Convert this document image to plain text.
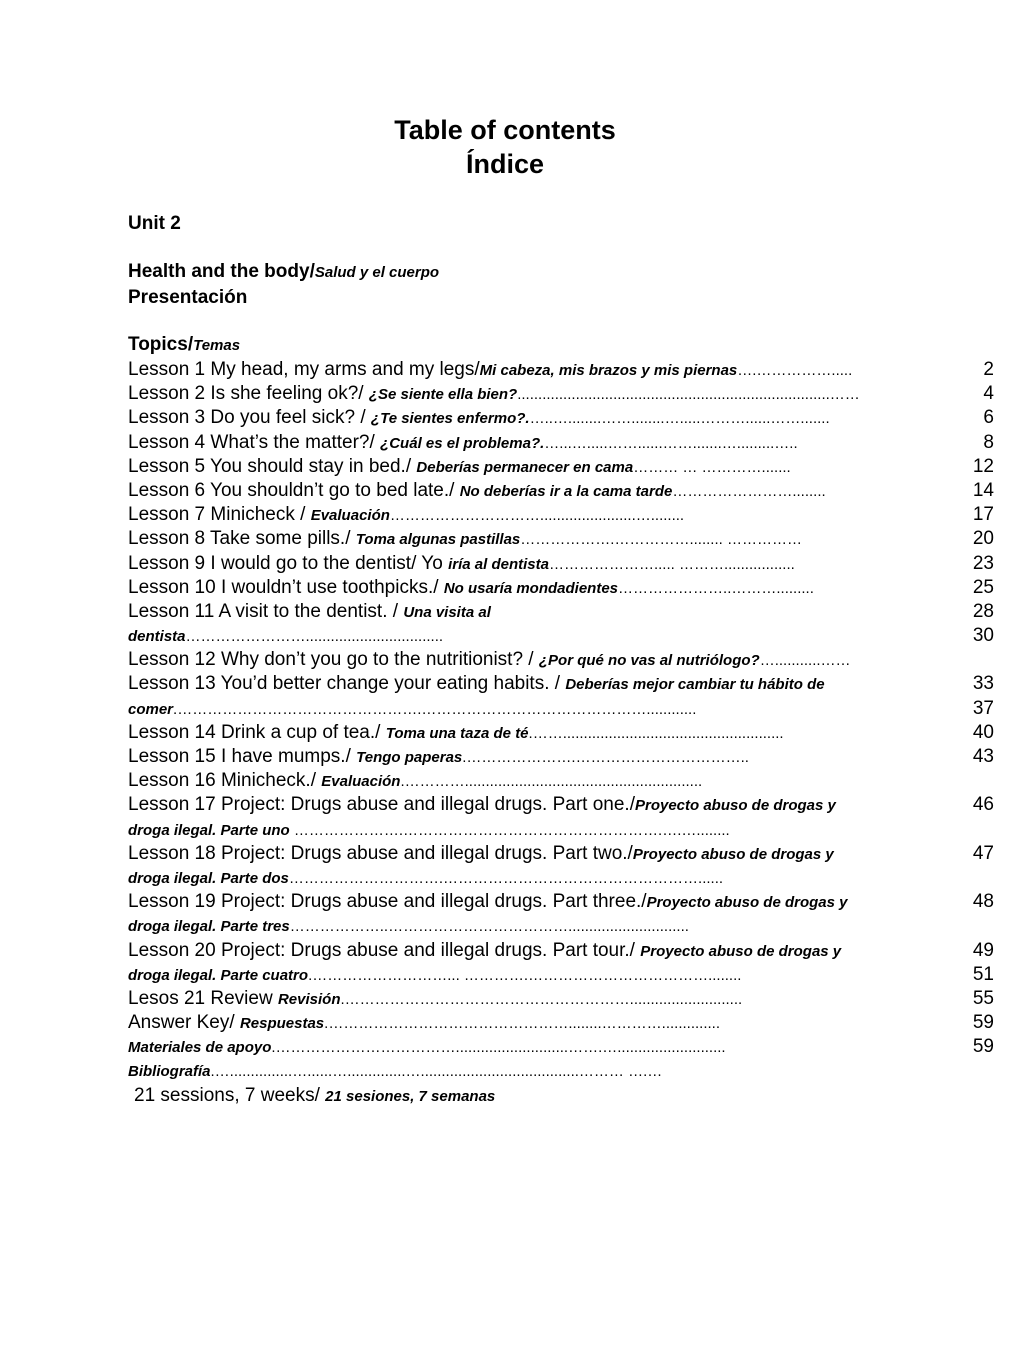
Table of contents
Índice
Unit 2
Health and the body/Salud y el cuerpo
Presentación
Topics/Temas
Lesson 1 My head, my arms and my legs/Mi cabeza, mis brazos y mis piernas….…………….....	2
Lesson 2 Is she feeling ok?/ ¿Se siente ella bien?...........................................................................……	4
Lesson 3 Do you feel sick? / ¿Te sientes enfermo?.…..…........……........….....………......…….......	6
Lesson 4 What’s the matter?/ ¿Cuál es el problema?.…...….....……......…….......….........…..	8
Lesson 5 You should stay in bed./ Deberías permanecer en cama……… … ………….......	12
Lesson 6 You shouldn’t go to bed late./ No deberías ir a la cama tarde……………………........	14
Lesson 7 Minicheck / Evaluación………………………….......................…........	17
Lesson 8 Take some pills./ Toma algunas pastillas……………….……………........ ……………	20
Lesson 9 I would go to the dentist/ Yo iría al dentista…………………..... ……….................	23
Lesson 10 I wouldn’t use toothpicks./ No usaría mondadientes…………………..……….........	25
Lesson 11 A visit to the dentist. / Una visita al	28
dentista…………………….................................	30
Lesson 12 Why don’t you go to the nutritionist? / ¿Por qué no vas al nutriólogo?…...........……
Lesson 13 You’d better change your eating habits. / Deberías mejor cambiar tu hábito de	33
comer.………………………………………….………………………………………............	37
Lesson 14 Drink a cup of tea./ Toma una taza de té.…….....................................................	40
Lesson 15 I have mumps./ Tengo paperas.………………….……………………………..	43
Lesson 16 Minicheck./ Evaluación.………….........................................................
Lesson 17 Project: Drugs abuse and illegal drugs. Part one./Proyecto abuso de drogas y	46
droga ilegal. Parte uno ………………….…………………………………………….….…........
Lesson 18 Project: Drugs abuse and illegal drugs. Part two./Proyecto abuso de drogas y	47
droga ilegal. Parte dos………………………….……………………………………………......
Lesson 19 Project: Drugs abuse and illegal drugs. Part three./Proyecto abuso de drogas y	48
droga ilegal. Parte tres………………..……………………………….............................
Lesson 20 Project: Drugs abuse and illegal drugs. Part tour./ Proyecto abuso de drogas y	49
droga ilegal. Parte cuatro.………………………... ………….………………………………........	51
Lesos 21 Review Revisión.…………………………………………………...........................	55
Answer Key/ Respuestas.…………………………………………........…………..............	59
Materiales de apoyo.………………………………...........................…….…..........................	59
Bibliografía.…...............…......…..............…......................................……… ….…
21 sessions, 7 weeks/ 21 sesiones, 7 semanas
